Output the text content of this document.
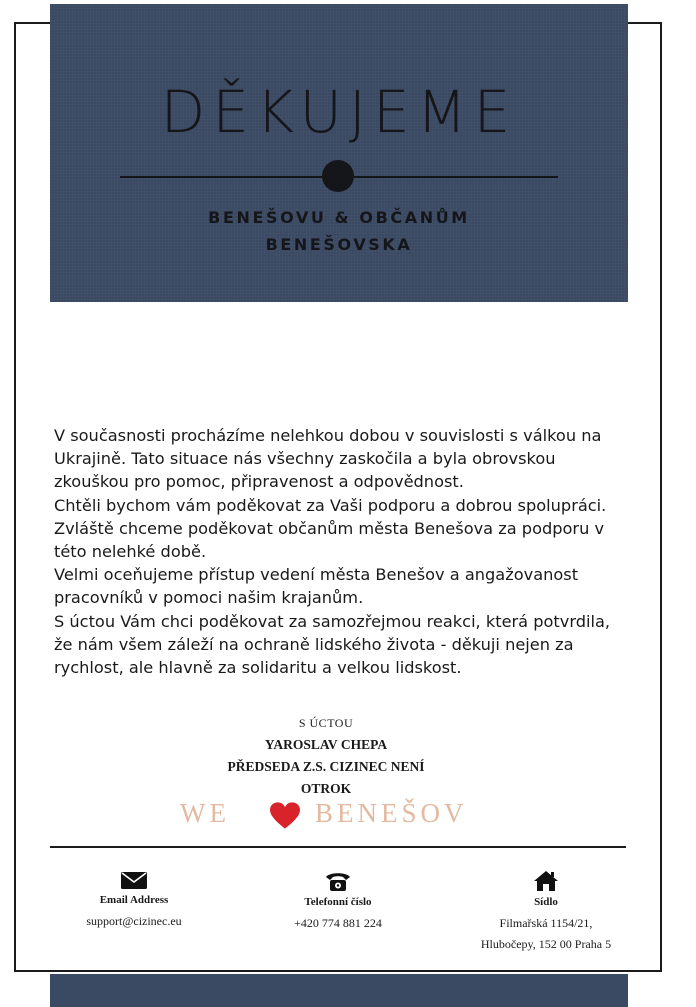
DĚKUJEME
BENEŠOVU & OBČANŮM
BENEŠOVSKA
V současnosti procházíme nelehkou dobou v souvislosti s válkou na
Ukrajině. Tato situace nás všechny zaskočila a byla obrovskou
zkouškou pro pomoc, připravenost a odpovědnost.
Chtěli bychom vám poděkovat za Vaši podporu a dobrou spolupráci.
Zvláště chceme poděkovat občanům města Benešova za podporu v
této nelehké době.
Velmi oceňujeme přístup vedení města Benešov a angažovanost
pracovníků v pomoci našim krajanům.
S úctou Vám chci poděkovat za samozřejmou reakci, která potvrdila,
že nám všem záleží na ochraně lidského života - děkuji nejen za
rychlost, ale hlavně za solidaritu a velkou lidskost.
S ÚCTOU
YAROSLAV CHEPA
PŘEDSEDA Z.S. CIZINEC NENÍ
OTROK
WE	BENEŠOV
Email Address
support@cizinec.eu
Telefonní číslo
+420 774 881 224
Sídlo
Filmařská 1154/21,
Hlubočepy, 152 00 Praha 5
